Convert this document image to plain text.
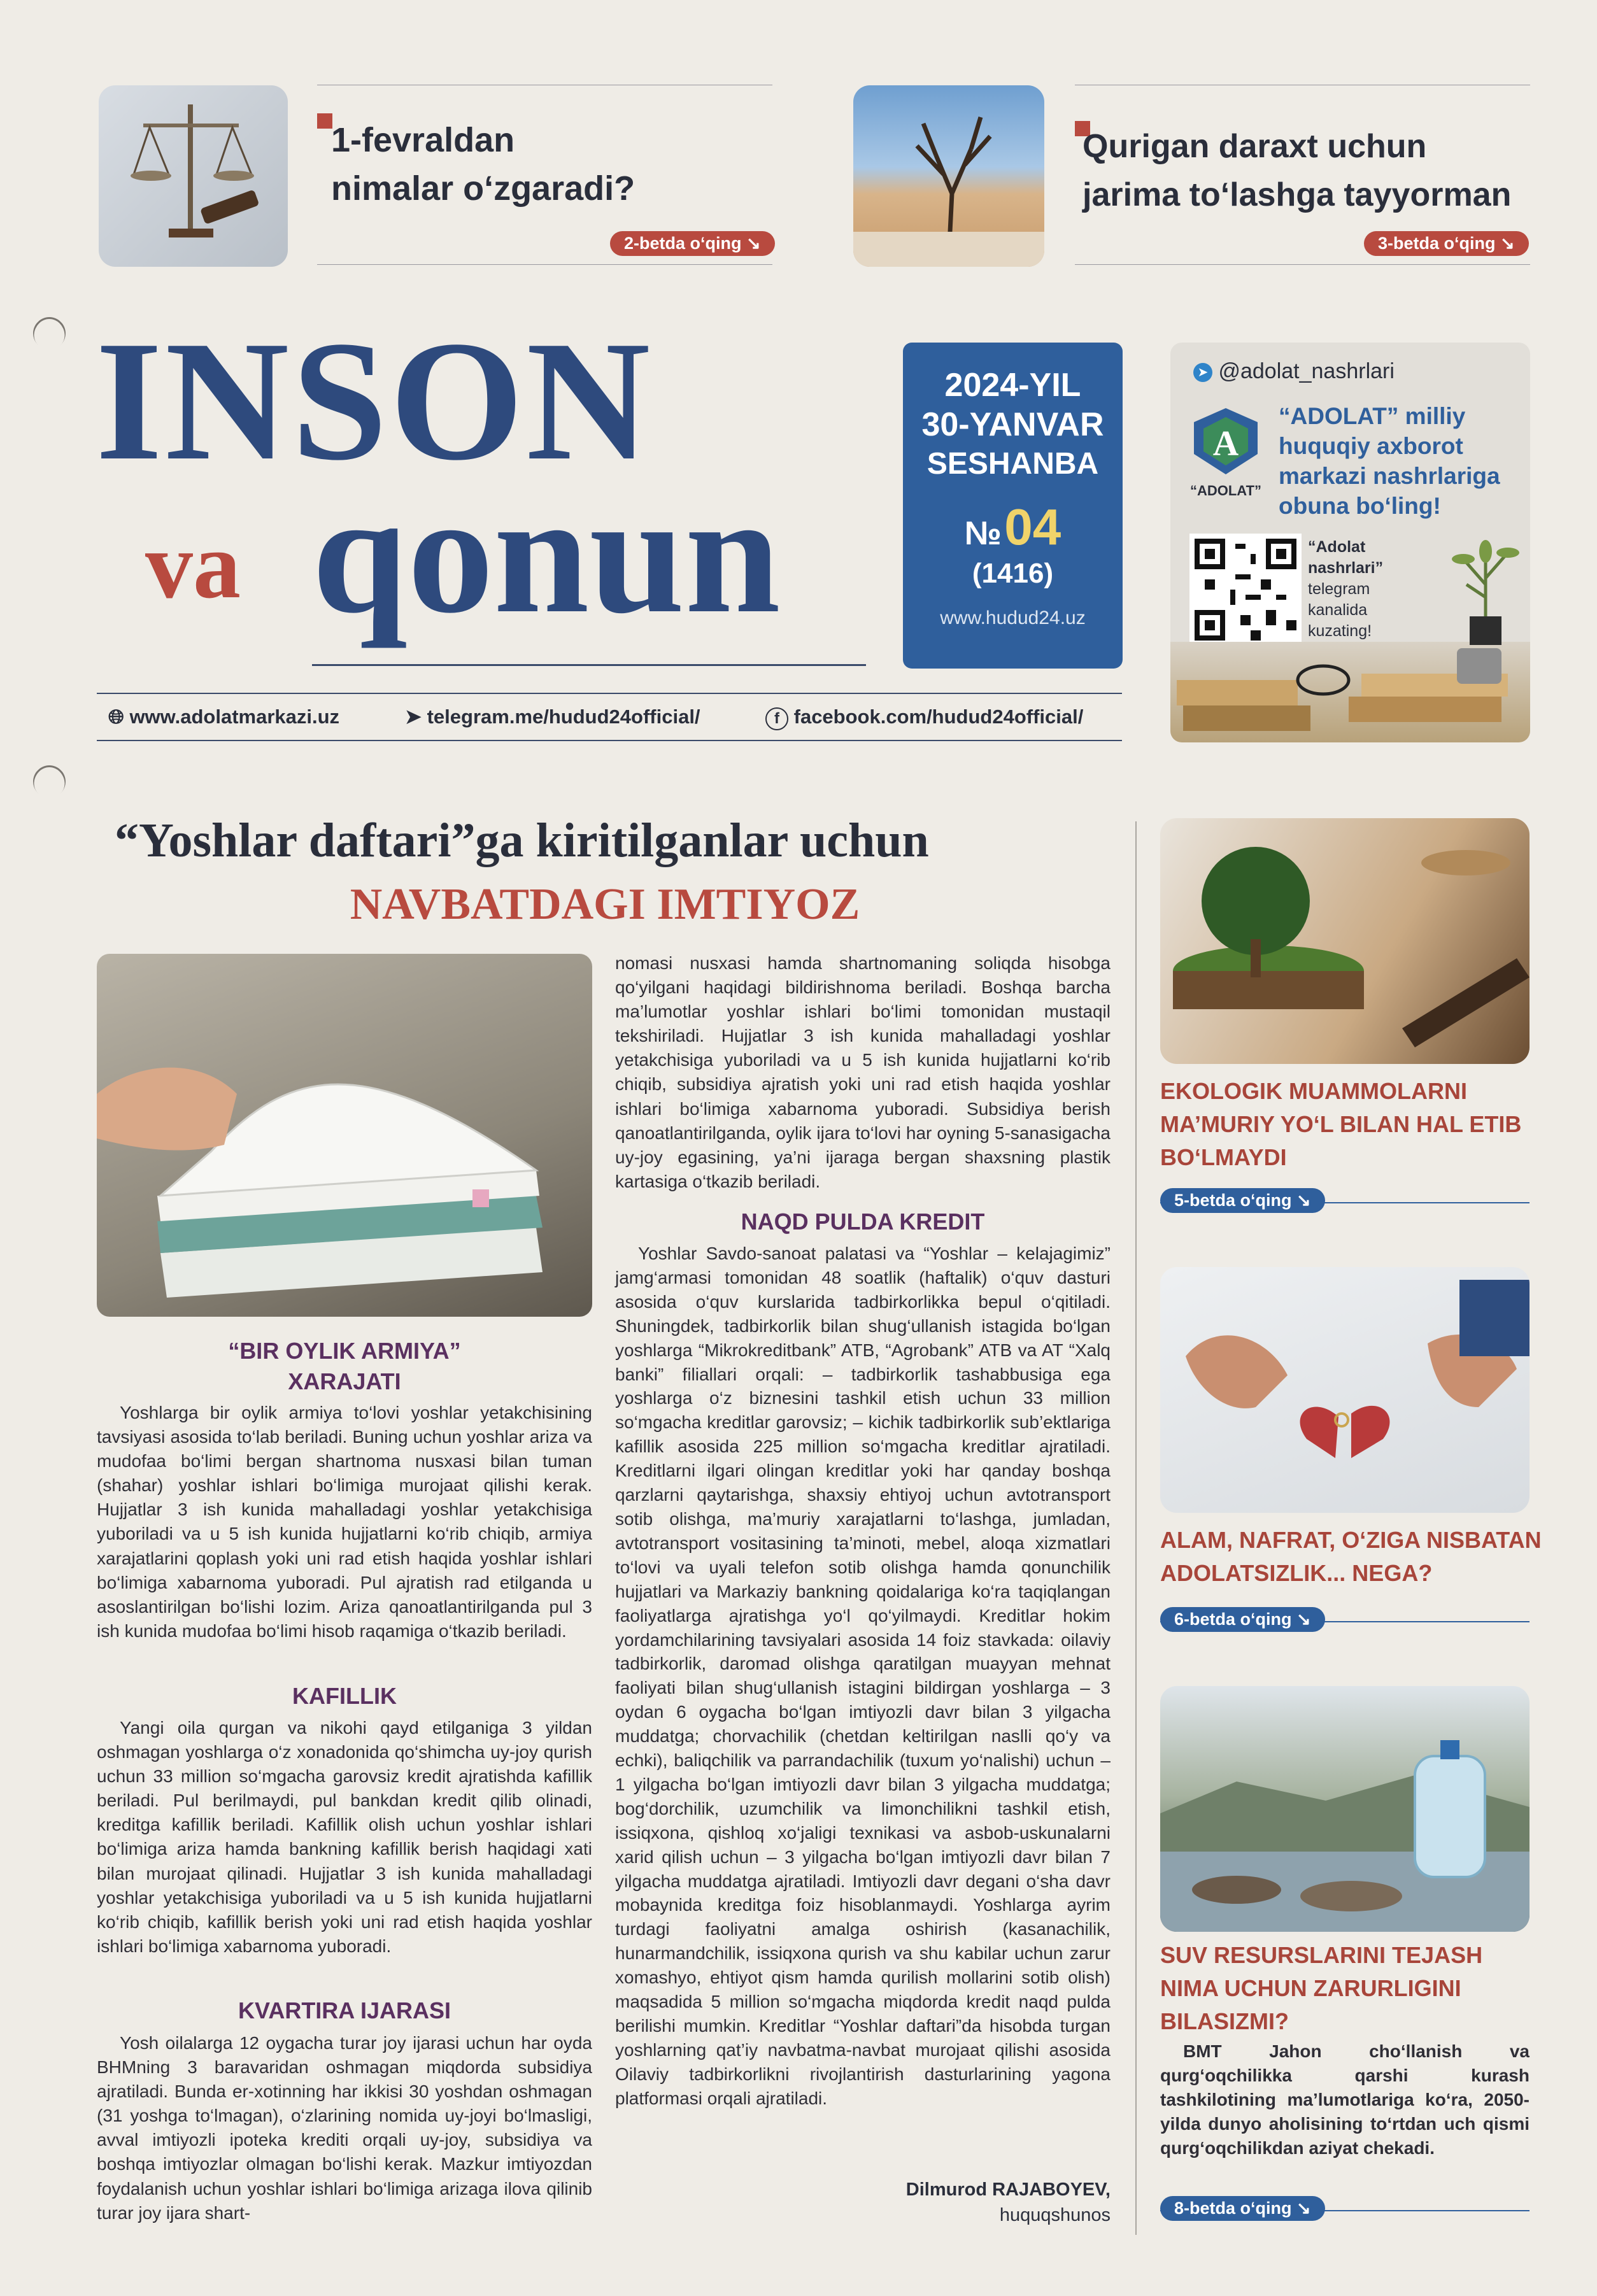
1-fevraldan
nimalar o‘zgaradi?
2-betda o‘qing ↘
Qurigan daraxt uchun
jarima to‘lashga tayyorman
3-betda o‘qing ↘
INSON
va qonun
2024-YIL
30-YANVAR
SESHANBA
№ 04
(1416)
www.hudud24.uz
➤ @adolat_nashrlari
A
“ADOLAT”
“ADOLAT” milliy huquqiy axborot markazi nashrlariga obuna bo‘ling!
“Adolat nashrlari”
telegram kanalida kuzating!
🌐︎ www.adolatmarkazi.uz	➤ telegram.me/hudud24official/	f facebook.com/hudud24official/
“Yoshlar daftari”ga kiritilganlar uchun
NAVBATDAGI IMTIYOZ
“BIR OYLIK ARMIYA”
XARAJATI
Yoshlarga bir oylik armiya to‘lovi yoshlar yetakchisining tavsiyasi asosida to‘lab beriladi. Buning uchun yoshlar ariza va mudofaa bo‘limi bergan shartnoma nusxasi bilan tuman (shahar) yoshlar ishlari bo‘limiga murojaat qilishi kerak. Hujjatlar 3 ish kunida mahalladagi yoshlar yetakchisiga yuboriladi va u 5 ish kunida hujjatlarni ko‘rib chiqib, armiya xarajatlarini qoplash yoki uni rad etish haqida yoshlar ishlari bo‘limiga xabarnoma yuboradi. Pul ajratish rad etilganda u asoslantirilgan bo‘lishi lozim. Ariza qanoatlantirilganda pul 3 ish kunida mudofaa bo‘limi hisob raqamiga o‘tkazib beriladi.
KAFILLIK
Yangi oila qurgan va nikohi qayd etilganiga 3 yildan oshmagan yoshlarga o‘z xonadonida qo‘shimcha uy-joy qurish uchun 33 million so‘mgacha garovsiz kredit ajratishda kafillik beriladi. Pul berilmaydi, pul bankdan kredit qilib olinadi, kreditga kafillik beriladi. Kafillik olish uchun yoshlar ishlari bo‘limiga ariza hamda bankning kafillik berish haqidagi xati bilan murojaat qilinadi. Hujjatlar 3 ish kunida mahalladagi yoshlar yetakchisiga yuboriladi va u 5 ish kunida hujjatlarni ko‘rib chiqib, kafillik berish yoki uni rad etish haqida yoshlar ishlari bo‘limiga xabarnoma yuboradi.
KVARTIRA IJARASI
Yosh oilalarga 12 oygacha turar joy ijarasi uchun har oyda BHMning 3 baravaridan oshmagan miqdorda subsidiya ajratiladi. Bunda er-xotinning har ikkisi 30 yoshdan oshmagan (31 yoshga to‘lmagan), o‘zlarining nomida uy-joyi bo‘lmasligi, avval imtiyozli ipoteka krediti orqali uy-joy, subsidiya va boshqa imtiyozlar olmagan bo‘lishi kerak. Mazkur imtiyozdan foydalanish uchun yoshlar ishlari bo‘limiga arizaga ilova qilinib turar joy ijara shart-
nomasi nusxasi hamda shartnomaning soliqda hisobga qo‘yilgani haqidagi bildirishnoma beriladi. Boshqa barcha ma’lumotlar yoshlar ishlari bo‘limi tomonidan mustaqil tekshiriladi. Hujjatlar 3 ish kunida mahalladagi yoshlar yetakchisiga yuboriladi va u 5 ish kunida hujjatlarni ko‘rib chiqib, subsidiya ajratish yoki uni rad etish haqida yoshlar ishlari bo‘limiga xabarnoma yuboradi. Subsidiya berish qanoatlantirilganda, oylik ijara to‘lovi har oyning 5-sanasigacha uy-joy egasining, ya’ni ijaraga bergan shaxsning plastik kartasiga o‘tkazib beriladi.
NAQD PULDA KREDIT
Yoshlar Savdo-sanoat palatasi va “Yoshlar – kelajagimiz” jamg‘armasi tomonidan 48 soatlik (haftalik) o‘quv dasturi asosida o‘quv kurslarida tadbirkorlikka bepul o‘qitiladi. Shuningdek, tadbirkorlik bilan shug‘ullanish istagida bo‘lgan yoshlarga “Mikrokreditbank” ATB, “Agrobank” ATB va AT “Xalq banki” filiallari orqali: – tadbirkorlik tashabbusiga ega yoshlarga o‘z biznesini tashkil etish uchun 33 million so‘mgacha kreditlar garovsiz; – kichik tadbirkorlik sub’ektlariga kafillik asosida 225 million so‘mgacha kreditlar ajratiladi. Kreditlarni ilgari olingan kreditlar yoki har qanday boshqa qarzlarni qaytarishga, shaxsiy ehtiyoj uchun avtotransport sotib olishga, ma’muriy xarajatlarni to‘lashga, jumladan, avtotransport vositasining ta’minoti, mebel, aloqa xizmatlari to‘lovi va uyali telefon sotib olishga hamda qonunchilik hujjatlari va Markaziy bankning qoidalariga ko‘ra taqiqlangan faoliyatlarga ajratishga yo‘l qo‘yilmaydi. Kreditlar hokim yordamchilarining tavsiyalari asosida 14 foiz stavkada: oilaviy tadbirkorlik, daromad olishga qaratilgan muayyan mehnat faoliyati bilan shug‘ullanish istagini bildirgan yoshlarga – 3 oydan 6 oygacha bo‘lgan imtiyozli davr bilan 3 yilgacha muddatga; chorvachilik (chetdan keltirilgan naslli qo‘y va echki), baliqchilik va parrandachilik (tuxum yo‘nalishi) uchun – 1 yilgacha bo‘lgan imtiyozli davr bilan 3 yilgacha muddatga; bog‘dorchilik, uzumchilik va limonchilikni tashkil etish, issiqxona, qishloq xo‘jaligi texnikasi va asbob-uskunalarni xarid qilish uchun – 3 yilgacha bo‘lgan imtiyozli davr bilan 7 yilgacha muddatga ajratiladi. Imtiyozli davr degani o‘sha davr mobaynida kreditga foiz hisoblanmaydi. Yoshlarga ayrim turdagi faoliyatni amalga oshirish (kasanachilik, hunarmandchilik, issiqxona qurish va shu kabilar uchun zarur xomashyo, ehtiyot qism hamda qurilish mollarini sotib olish) maqsadida 5 million so‘mgacha miqdorda kredit naqd pulda berilishi mumkin. Kreditlar “Yoshlar daftari”da hisobda turgan yoshlarning qat’iy navbatma-navbat murojaat qilishi asosida Oilaviy tadbirkorlikni rivojlantirish dasturlarining yagona platformasi orqali ajratiladi.
Dilmurod RAJABOYEV,
huquqshunos
EKOLOGIK MUAMMOLARNI
MA’MURIY YO‘L BILAN HAL ETIB
BO‘LMAYDI
5-betda o‘qing ↘
ALAM, NAFRAT, O‘ZIGA NISBATAN
ADOLATSIZLIK... NEGA?
6-betda o‘qing ↘
SUV RESURSLARINI TEJASH
NIMA UCHUN ZARURLIGINI
BILASIZMI?
BMT Jahon cho‘llanish va qurg‘oqchilikka qarshi kurash tashkilotining ma’lumotlariga ko‘ra, 2050-yilda dunyo aholisining to‘rtdan uch qismi qurg‘oqchilikdan aziyat chekadi.
8-betda o‘qing ↘
